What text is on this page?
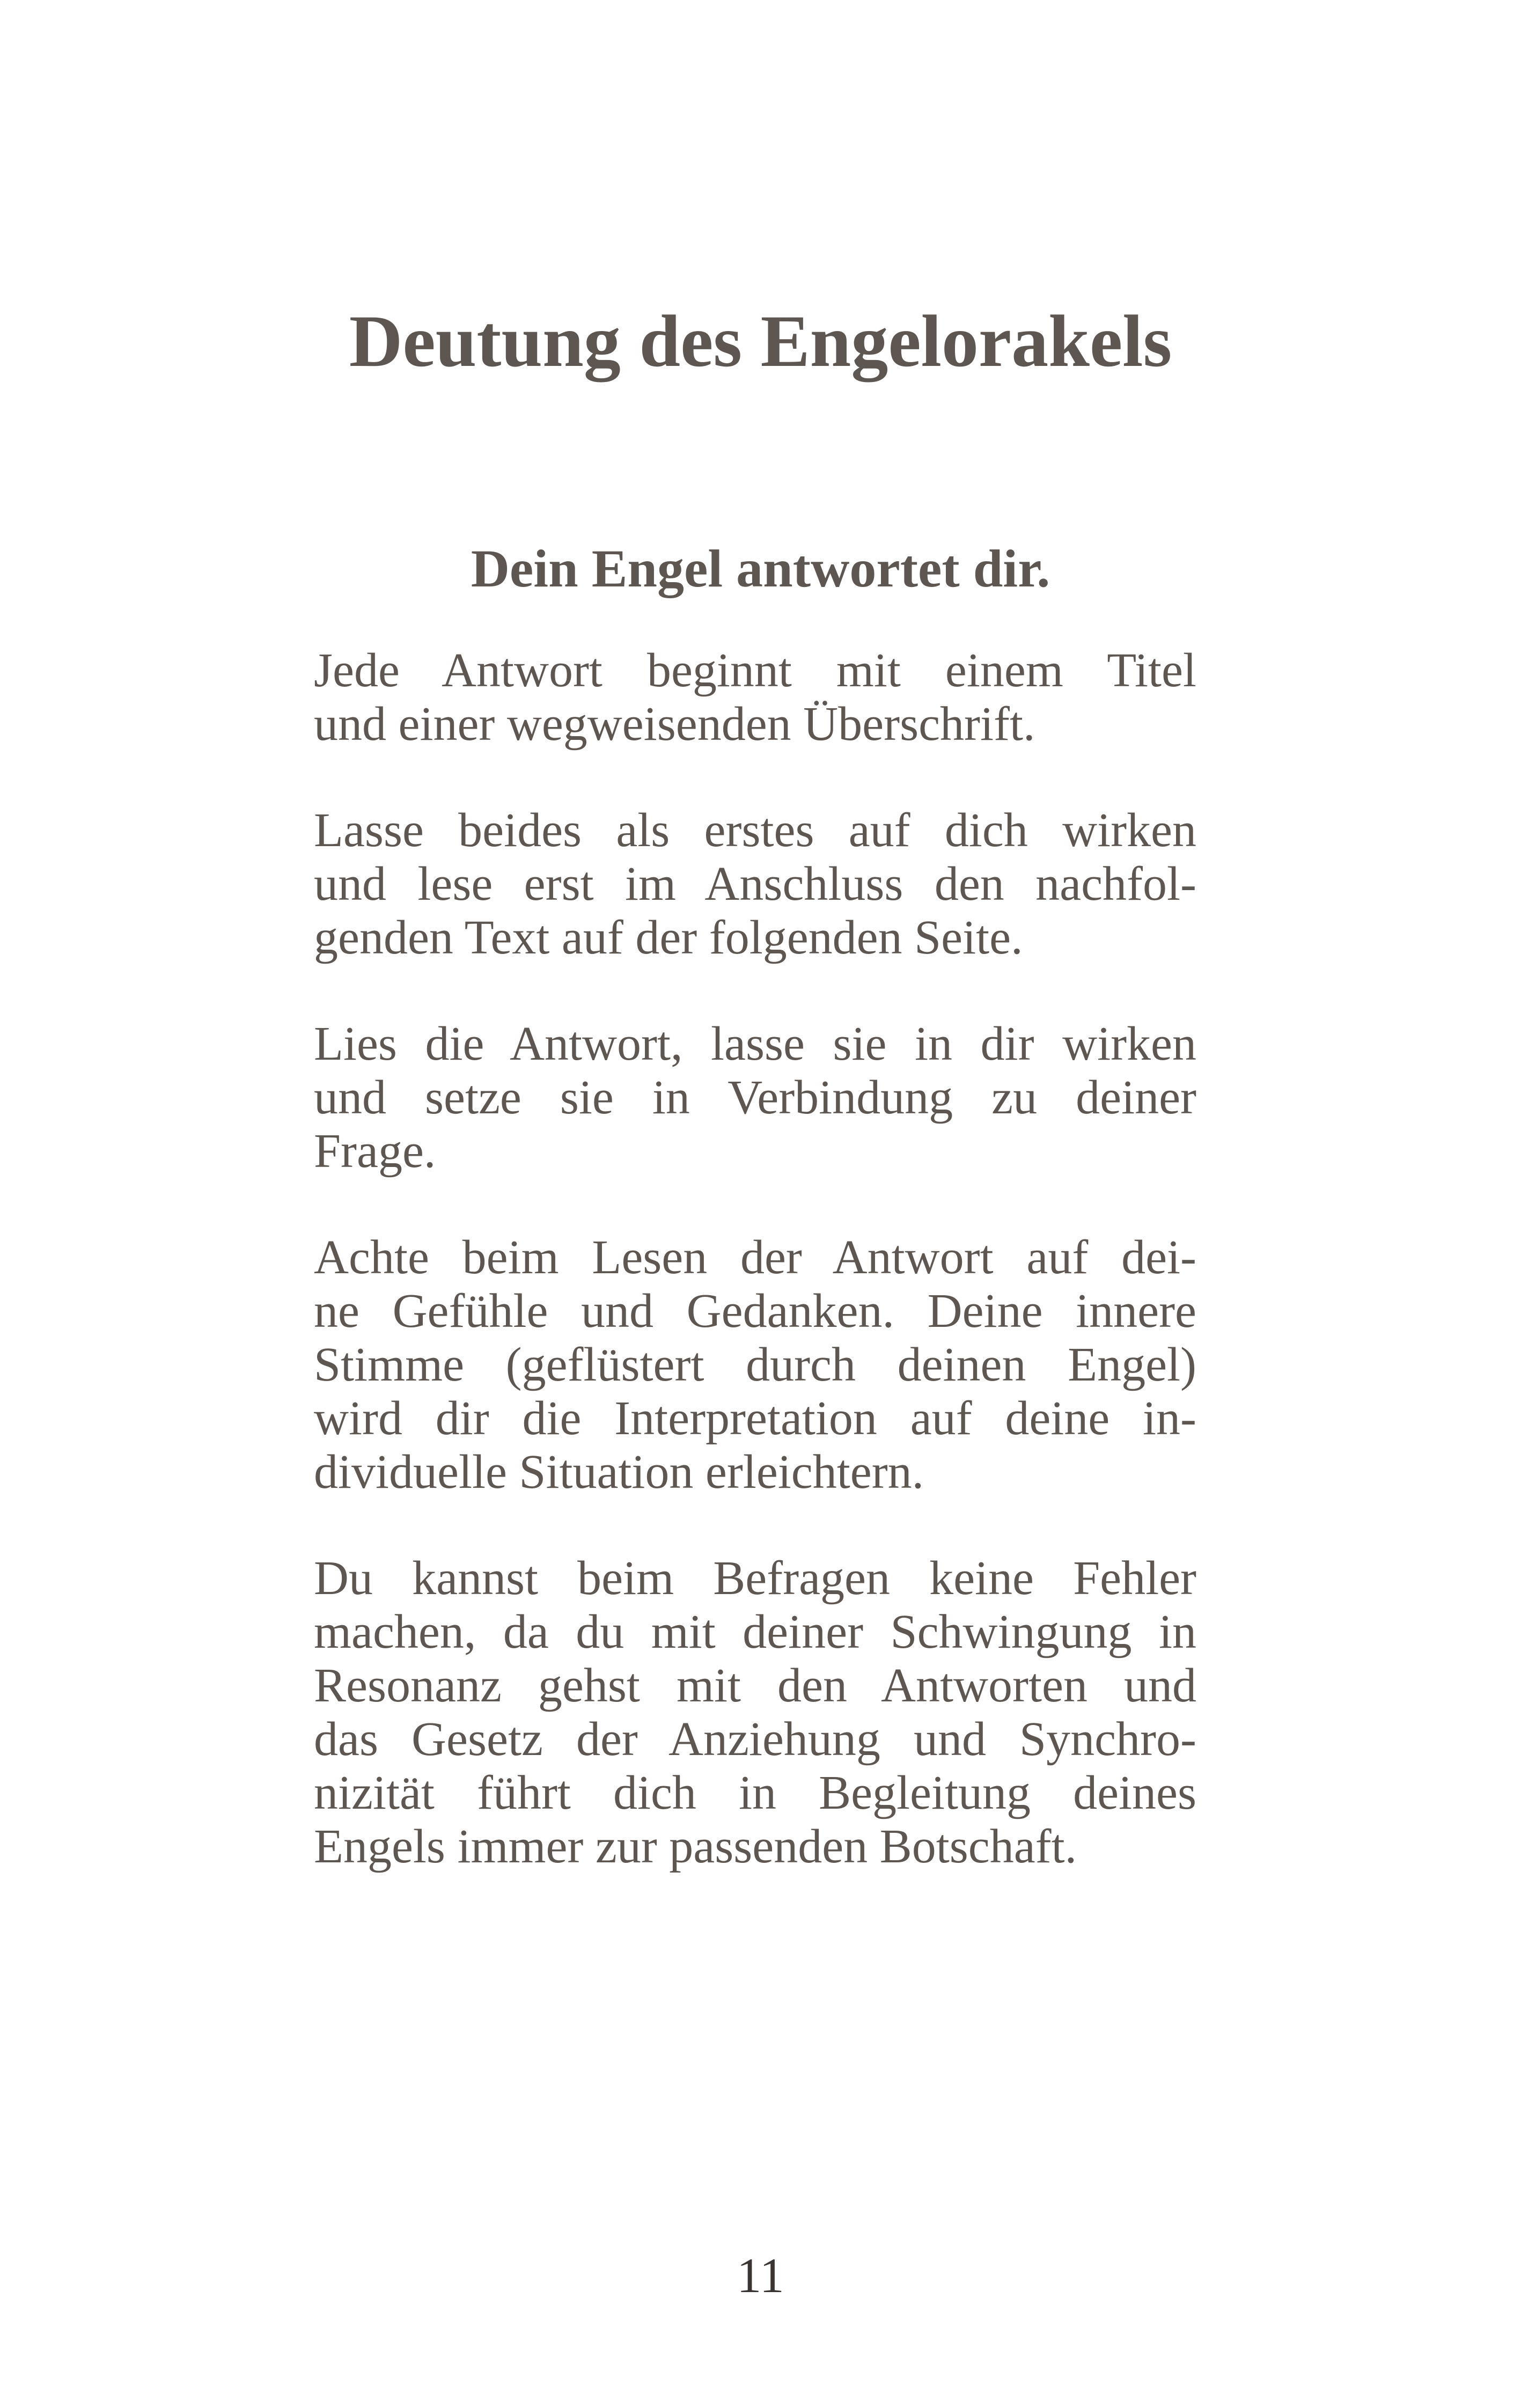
Deutung des Engelorakels
Dein Engel antwortet dir.

Jede Antwort beginnt mit einem Titel
und einer wegweisenden Überschrift.

Lasse beides als erstes auf dich wirken
und lese erst im Anschluss den nachfol-
genden Text auf der folgenden Seite.

Lies die Antwort, lasse sie in dir wirken
und setze sie in Verbindung zu deiner
Frage.

Achte beim Lesen der Antwort auf dei-
ne Gefühle und Gedanken. Deine innere
Stimme (geflüstert durch deinen Engel)
wird dir die Interpretation auf deine in-
dividuelle Situation erleichtern.

Du kannst beim Befragen keine Fehler
machen, da du mit deiner Schwingung in
Resonanz gehst mit den Antworten und
das Gesetz der Anziehung und Synchro-
nizität führt dich in Begleitung deines
Engels immer zur passenden Botschaft.

11
